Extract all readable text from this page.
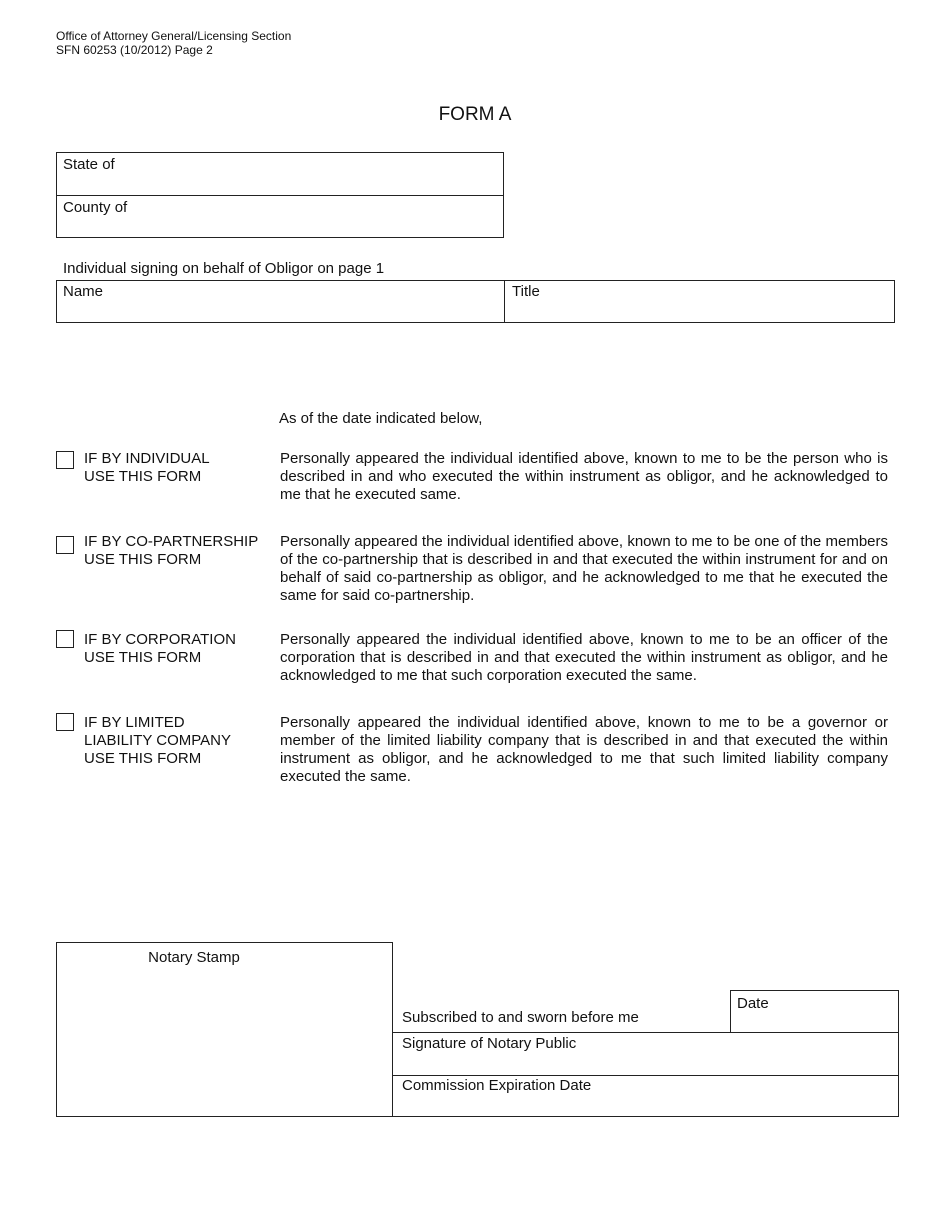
Office of Attorney General/Licensing Section
SFN 60253 (10/2012) Page 2
FORM A
State of
County of
Individual signing on behalf of Obligor on page 1
Name	Title
As of the date indicated below,
IF BY INDIVIDUAL
USE THIS FORM
Personally appeared the individual identified above, known to me to be the person who is described in and who executed the within instrument as obligor, and he acknowledged to me that he executed same.
IF BY CO-PARTNERSHIP
USE THIS FORM
Personally appeared the individual identified above, known to me to be one of the members of the co-partnership that is described in and that executed the within instrument for and on behalf of said co-partnership as obligor, and he acknowledged to me that he executed the same for said co-partnership.
IF BY CORPORATION
USE THIS FORM
Personally appeared the individual identified above, known to me to be an officer of the corporation that is described in and that executed the within instrument as obligor, and he acknowledged to me that such corporation executed the same.
IF BY LIMITED
LIABILITY COMPANY
USE THIS FORM
Personally appeared the individual identified above, known to me to be a governor or member of the limited liability company that is described in and that executed the within instrument as obligor, and he acknowledged to me that such limited liability company executed the same.
Notary Stamp
Date
Subscribed to and sworn before me
Signature of Notary Public
Commission Expiration Date
